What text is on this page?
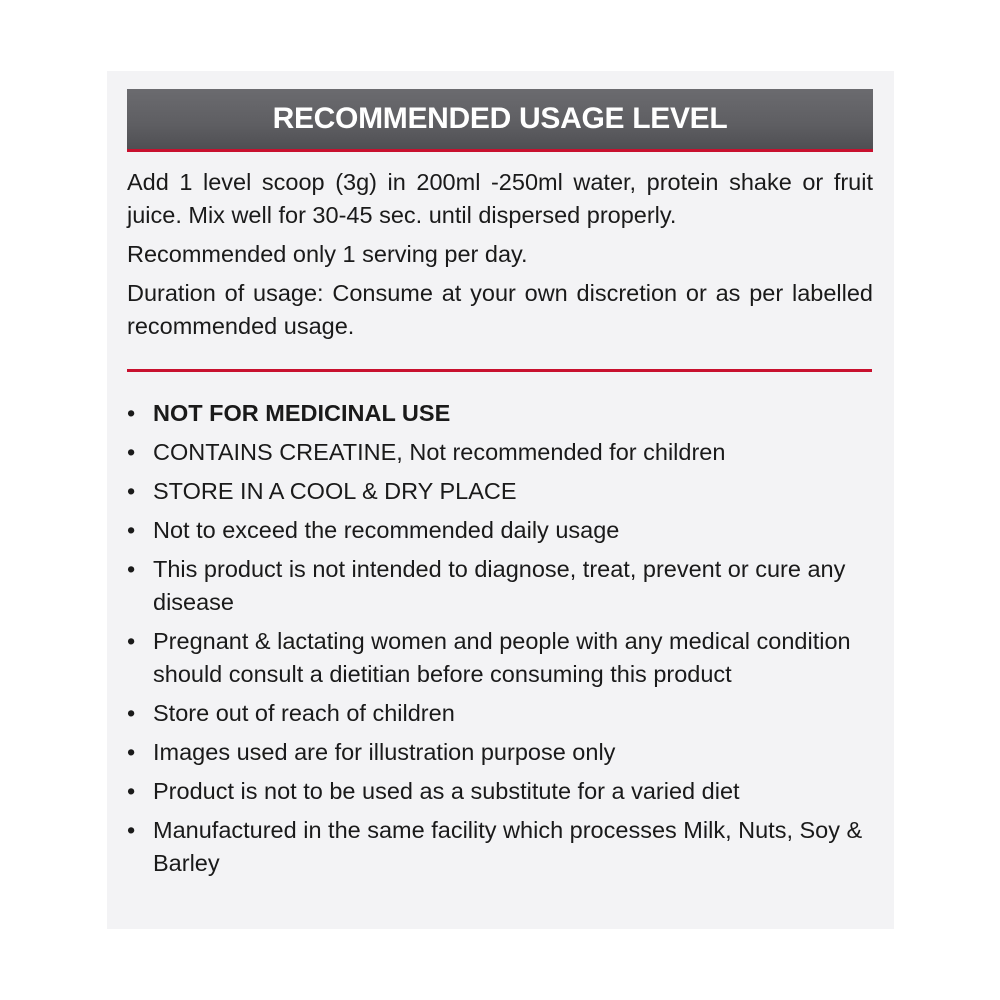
RECOMMENDED USAGE LEVEL

Add 1 level scoop (3g) in 200ml -250ml water, protein shake or fruit juice. Mix well for 30-45 sec. until dispersed properly.

Recommended only 1 serving per day.

Duration of usage: Consume at your own discretion or as per labelled recommended usage.

• NOT FOR MEDICINAL USE
• CONTAINS CREATINE, Not recommended for children
• STORE IN A COOL & DRY PLACE
• Not to exceed the recommended daily usage
• This product is not intended to diagnose, treat, prevent or cure any disease
• Pregnant & lactating women and people with any medical condition should consult a dietitian before consuming this product
• Store out of reach of children
• Images used are for illustration purpose only
• Product is not to be used as a substitute for a varied diet
• Manufactured in the same facility which processes Milk, Nuts, Soy & Barley
